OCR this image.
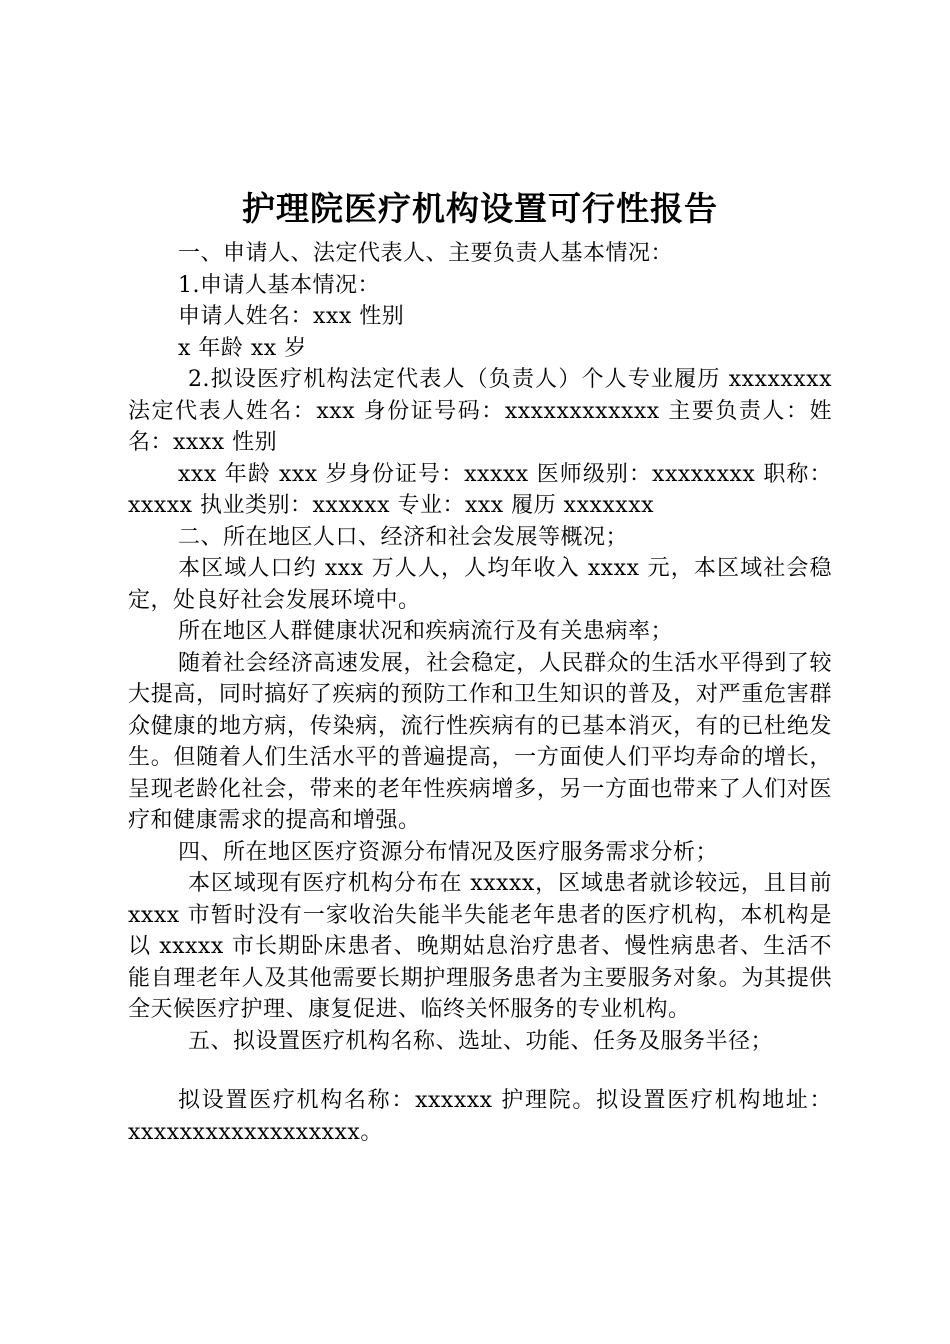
护理院医疗机构设置可行性报告

一、申请人、法定代表人、主要负责人基本情况：

1.申请人基本情况：

申请人姓名：xxx 性别

x 年龄 xx 岁

2.拟设医疗机构法定代表人（负责人）个人专业履历 xxxxxxxx 法定代表人姓名：xxx 身份证号码：xxxxxxxxxxxx 主要负责人：姓名：xxxx 性别

xxx 年龄 xxx 岁身份证号：xxxxx 医师级别：xxxxxxxx 职称：xxxxx 执业类别：xxxxxx 专业：xxx 履历 xxxxxxx

二、所在地区人口、经济和社会发展等概况；

本区域人口约 xxx 万人人，人均年收入 xxxx 元，本区域社会稳定，处良好社会发展环境中。

所在地区人群健康状况和疾病流行及有关患病率；

随着社会经济高速发展，社会稳定，人民群众的生活水平得到了较大提高，同时搞好了疾病的预防工作和卫生知识的普及，对严重危害群众健康的地方病，传染病，流行性疾病有的已基本消灭，有的已杜绝发生。但随着人们生活水平的普遍提高，一方面使人们平均寿命的增长，呈现老龄化社会，带来的老年性疾病增多，另一方面也带来了人们对医疗和健康需求的提高和增强。

四、所在地区医疗资源分布情况及医疗服务需求分析；

本区域现有医疗机构分布在 xxxxx，区域患者就诊较远，且目前 xxxx 市暂时没有一家收治失能半失能老年患者的医疗机构，本机构是以 xxxxx 市长期卧床患者、晚期姑息治疗患者、慢性病患者、生活不能自理老年人及其他需要长期护理服务患者为主要服务对象。为其提供全天候医疗护理、康复促进、临终关怀服务的专业机构。

五、拟设置医疗机构名称、选址、功能、任务及服务半径；

拟设置医疗机构名称：xxxxxx 护理院。拟设置医疗机构地址：xxxxxxxxxxxxxxxxxx。
